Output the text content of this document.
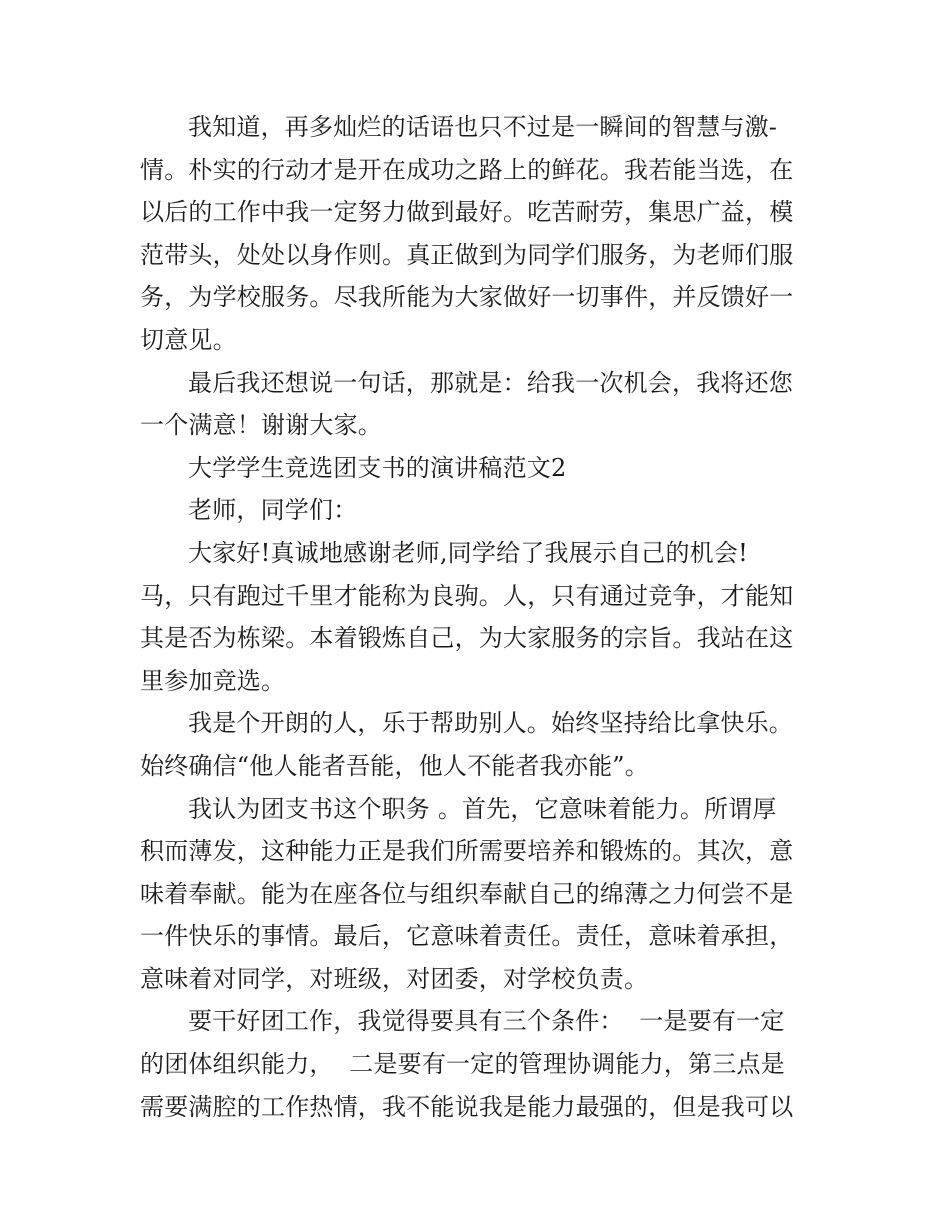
我知道，再多灿烂的话语也只不过是一瞬间的智慧与激-
情。朴实的行动才是开在成功之路上的鲜花。我若能当选，在
以后的工作中我一定努力做到最好。吃苦耐劳，集思广益，模
范带头，处处以身作则。真正做到为同学们服务，为老师们服
务，为学校服务。尽我所能为大家做好一切事件，并反馈好一
切意见。
最后我还想说一句话，那就是：给我一次机会，我将还您
一个满意！谢谢大家。
大学学生竞选团支书的演讲稿范文2
老师，同学们：
大家好!真诚地感谢老师,同学给了我展示自己的机会!
马，只有跑过千里才能称为良驹。人，只有通过竞争，才能知
其是否为栋梁。本着锻炼自己，为大家服务的宗旨。我站在这
里参加竞选。
我是个开朗的人，乐于帮助别人。始终坚持给比拿快乐。
始终确信“他人能者吾能，他人不能者我亦能”。
我认为团支书这个职务 。首先，它意味着能力。所谓厚
积而薄发，这种能力正是我们所需要培养和锻炼的。其次，意
味着奉献。能为在座各位与组织奉献自己的绵薄之力何尝不是
一件快乐的事情。最后，它意味着责任。责任，意味着承担，
意味着对同学，对班级，对团委，对学校负责。
要干好团工作，我觉得要具有三个条件：  一是要有一定
的团体组织能力，  二是要有一定的管理协调能力，第三点是
需要满腔的工作热情，我不能说我是能力最强的，但是我可以
